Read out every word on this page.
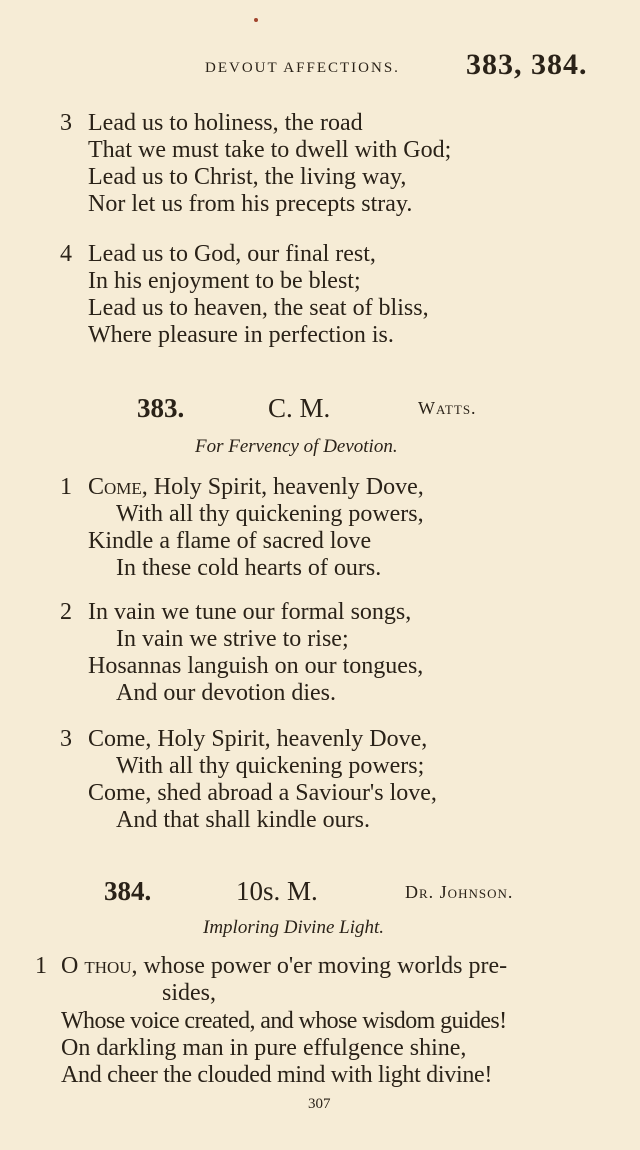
DEVOUT AFFECTIONS. 383, 384.
3 Lead us to holiness, the road
That we must take to dwell with God;
Lead us to Christ, the living way,
Nor let us from his precepts stray.
4 Lead us to God, our final rest,
In his enjoyment to be blest;
Lead us to heaven, the seat of bliss,
Where pleasure in perfection is.
383.	C. M.	Watts.
For Fervency of Devotion.
1 Come, Holy Spirit, heavenly Dove,
With all thy quickening powers,
Kindle a flame of sacred love
In these cold hearts of ours.
2 In vain we tune our formal songs,
In vain we strive to rise;
Hosannas languish on our tongues,
And our devotion dies.
3 Come, Holy Spirit, heavenly Dove,
With all thy quickening powers;
Come, shed abroad a Saviour's love,
And that shall kindle ours.
384.	10s. M.	Dr. Johnson.
Imploring Divine Light.
1 O thou, whose power o'er moving worlds pre-
sides,
Whose voice created, and whose wisdom guides!
On darkling man in pure effulgence shine,
And cheer the clouded mind with light divine!
307
